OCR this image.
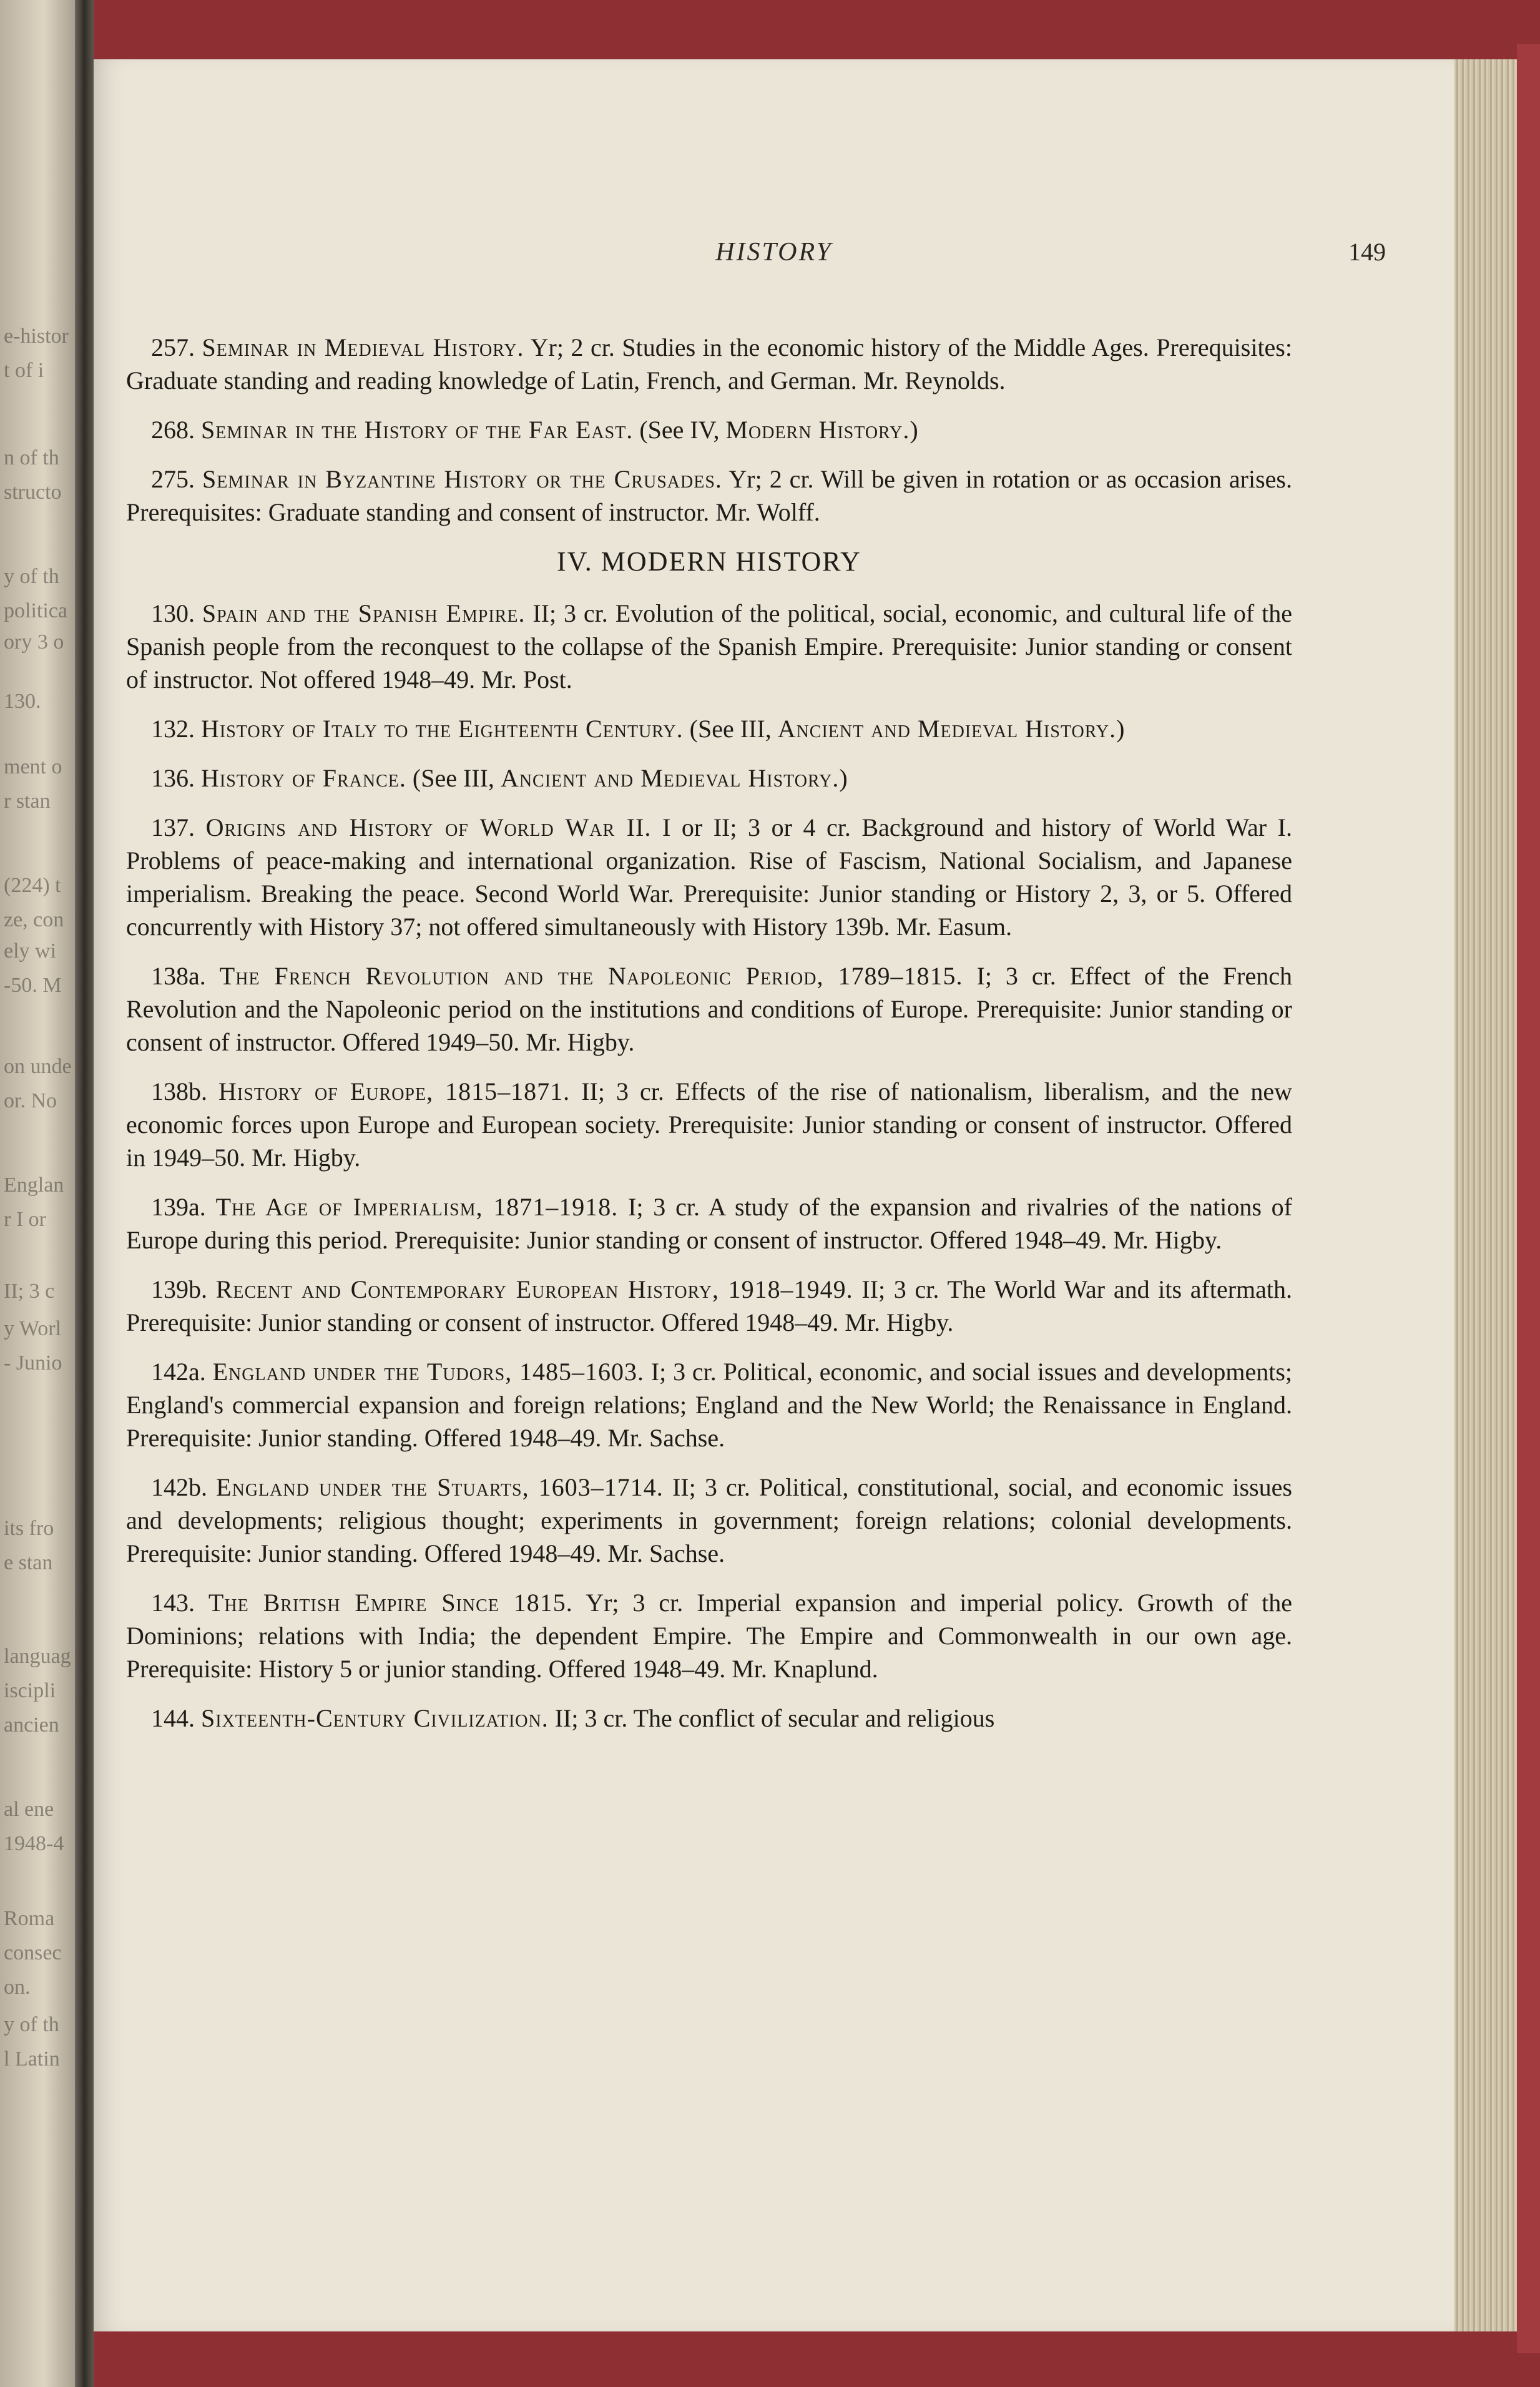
e-histor
t of i
n of th
structo
y of th
politica
ory 3 o
130.
ment o
r stan
(224) t
ze, con
ely wi
-50. M
on unde
or. No
Englan
r I or
II; 3 c
y Worl
- Junio
its fro
e stan
languag
iscipli
ancien
al ene
1948-4
Roma
consec
on.
y of th
l Latin
HISTORY	149

257. Seminar in Medieval History. Yr; 2 cr. Studies in the economic history of the Middle Ages. Prerequisites: Graduate standing and reading knowledge of Latin, French, and German. Mr. Reynolds.

268. Seminar in the History of the Far East. (See IV, Modern History.)

275. Seminar in Byzantine History or the Crusades. Yr; 2 cr. Will be given in rotation or as occasion arises. Prerequisites: Graduate standing and consent of instructor. Mr. Wolff.

IV. MODERN HISTORY

130. Spain and the Spanish Empire. II; 3 cr. Evolution of the political, social, economic, and cultural life of the Spanish people from the reconquest to the collapse of the Spanish Empire. Prerequisite: Junior standing or consent of instructor. Not offered 1948–49. Mr. Post.

132. History of Italy to the Eighteenth Century. (See III, Ancient and Medieval History.)

136. History of France. (See III, Ancient and Medieval History.)

137. Origins and History of World War II. I or II; 3 or 4 cr. Background and history of World War I. Problems of peace-making and international organization. Rise of Fascism, National Socialism, and Japanese imperialism. Breaking the peace. Second World War. Prerequisite: Junior standing or History 2, 3, or 5. Offered concurrently with History 37; not offered simultaneously with History 139b. Mr. Easum.

138a. The French Revolution and the Napoleonic Period, 1789–1815. I; 3 cr. Effect of the French Revolution and the Napoleonic period on the institutions and conditions of Europe. Prerequisite: Junior standing or consent of instructor. Offered 1949–50. Mr. Higby.

138b. History of Europe, 1815–1871. II; 3 cr. Effects of the rise of nationalism, liberalism, and the new economic forces upon Europe and European society. Prerequisite: Junior standing or consent of instructor. Offered in 1949–50. Mr. Higby.

139a. The Age of Imperialism, 1871–1918. I; 3 cr. A study of the expansion and rivalries of the nations of Europe during this period. Prerequisite: Junior standing or consent of instructor. Offered 1948–49. Mr. Higby.

139b. Recent and Contemporary European History, 1918–1949. II; 3 cr. The World War and its aftermath. Prerequisite: Junior standing or consent of instructor. Offered 1948–49. Mr. Higby.

142a. England under the Tudors, 1485–1603. I; 3 cr. Political, economic, and social issues and developments; England's commercial expansion and foreign relations; England and the New World; the Renaissance in England. Prerequisite: Junior standing. Offered 1948–49. Mr. Sachse.

142b. England under the Stuarts, 1603–1714. II; 3 cr. Political, constitutional, social, and economic issues and developments; religious thought; experiments in government; foreign relations; colonial developments. Prerequisite: Junior standing. Offered 1948–49. Mr. Sachse.

143. The British Empire Since 1815. Yr; 3 cr. Imperial expansion and imperial policy. Growth of the Dominions; relations with India; the dependent Empire. The Empire and Commonwealth in our own age. Prerequisite: History 5 or junior standing. Offered 1948–49. Mr. Knaplund.

144. Sixteenth-Century Civilization. II; 3 cr. The conflict of secular and religious
